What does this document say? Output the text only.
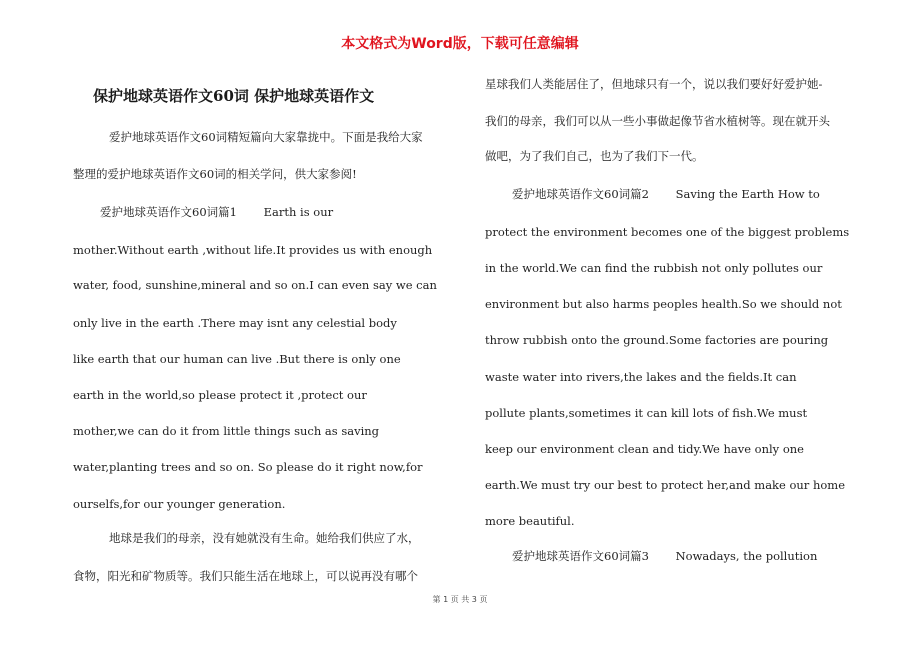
本文格式为Word版，下载可任意编辑
保护地球英语作文60词 保护地球英语作文
爱护地球英语作文60词精短篇向大家靠拢中。下面是我给大家
整理的爱护地球英语作文60词的相关学问，供大家参阅!
爱护地球英语作文60词篇1　　 Earth is our
mother.Without earth ,without life.It provides us with enough
water, food, sunshine,mineral and so on.I can even say we can
only live in the earth .There may isnt any celestial body
like earth that our human can live .But there is only one
earth in the world,so please protect it ,protect our
mother,we can do it from little things such as saving
water,planting trees and so on. So please do it right now,for
ourselfs,for our younger generation.
地球是我们的母亲，没有她就没有生命。她给我们供应了水，
食物，阳光和矿物质等。我们只能生活在地球上，可以说再没有哪个
星球我们人类能居住了，但地球只有一个，说以我们要好好爱护她-
我们的母亲，我们可以从一些小事做起像节省水植树等。现在就开头
做吧，为了我们自己，也为了我们下一代。
爱护地球英语作文60词篇2　　 Saving the Earth How to
protect the environment becomes one of the biggest problems
in the world.We can find the rubbish not only pollutes our
environment but also harms peoples health.So we should not
throw rubbish onto the ground.Some factories are pouring
waste water into rivers,the lakes and the fields.It can
pollute plants,sometimes it can kill lots of fish.We must
keep our environment clean and tidy.We have only one
earth.We must try our best to protect her,and make our home
more beautiful.
爱护地球英语作文60词篇3　　 Nowadays, the pollution
第 1 页 共 3 页
